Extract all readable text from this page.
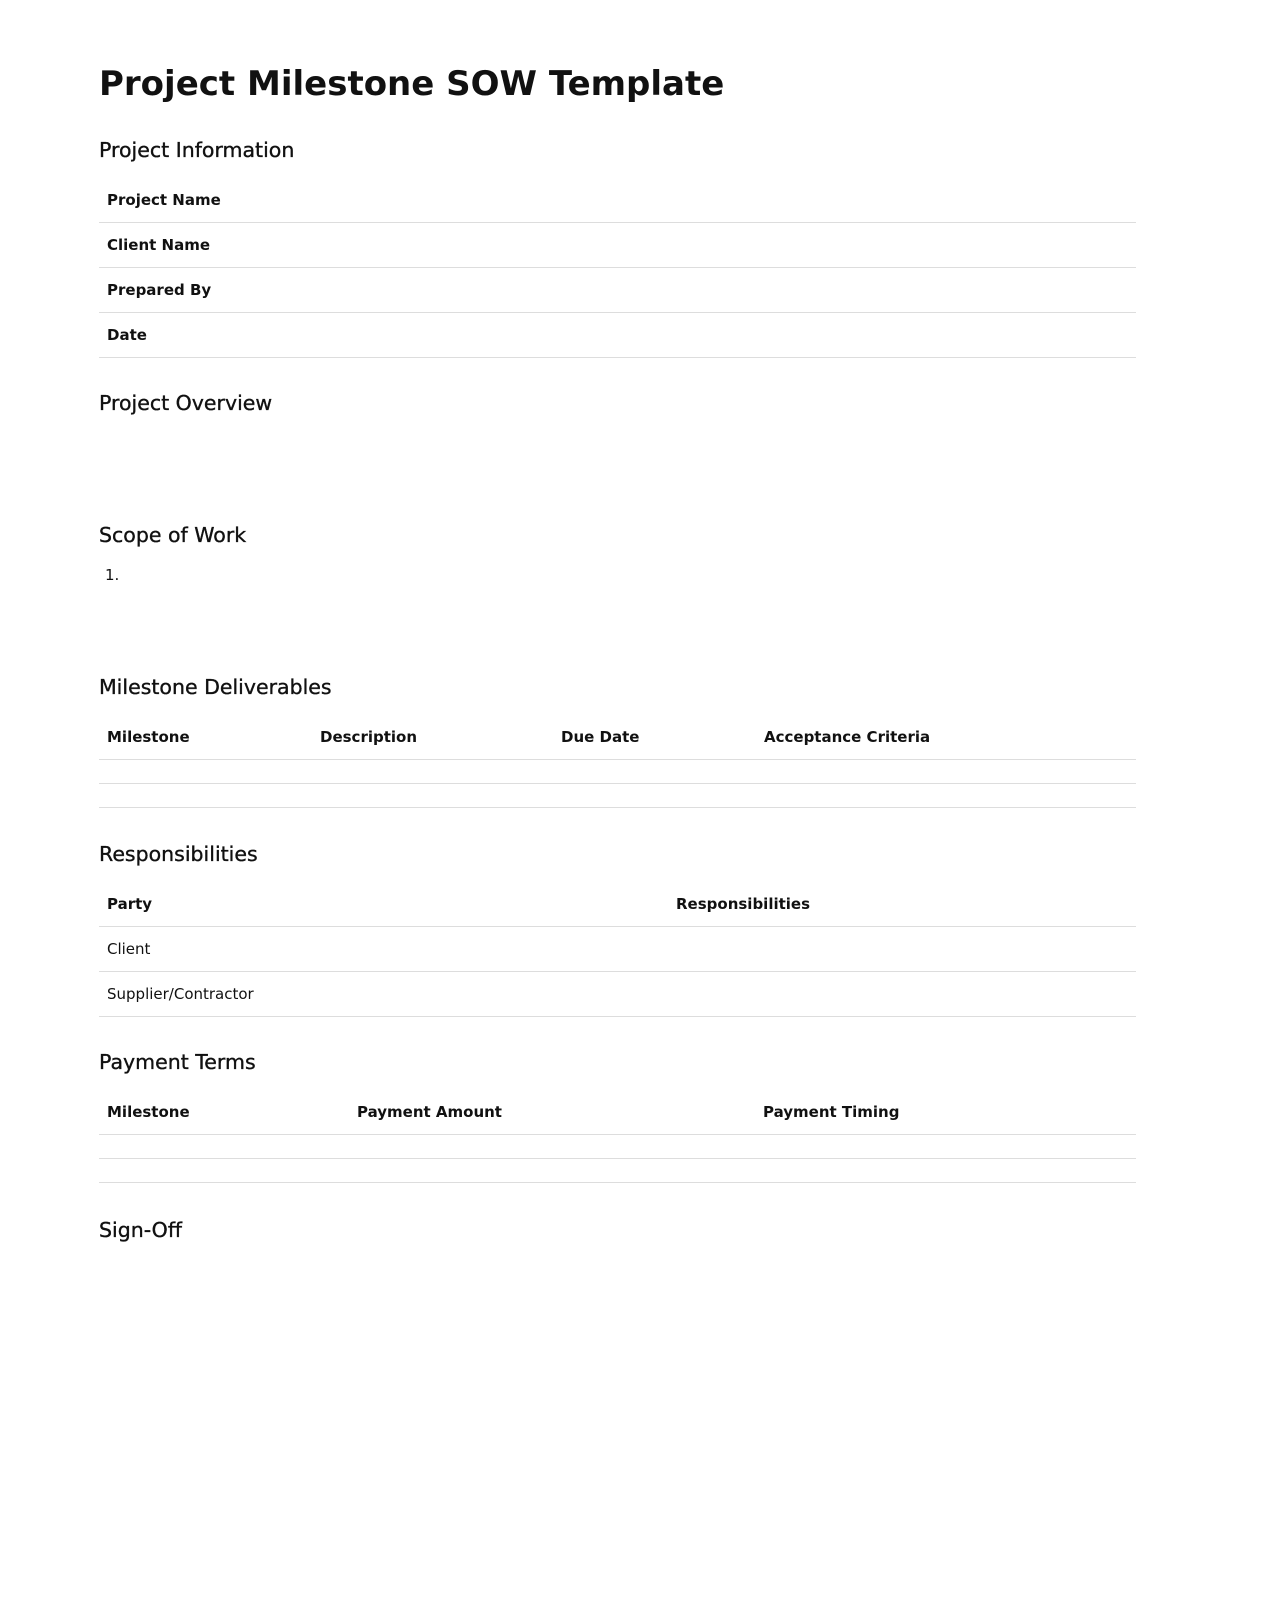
Project Milestone SOW Template
Project Information
Project Name
Client Name
Prepared By
Date
Project Overview
Scope of Work
1.
Milestone Deliverables
Milestone	Description	Due Date	Acceptance Criteria

Responsibilities
Party	Responsibilities
Client	
Supplier/Contractor	
Payment Terms
Milestone	Payment Amount	Payment Timing

Sign-Off
